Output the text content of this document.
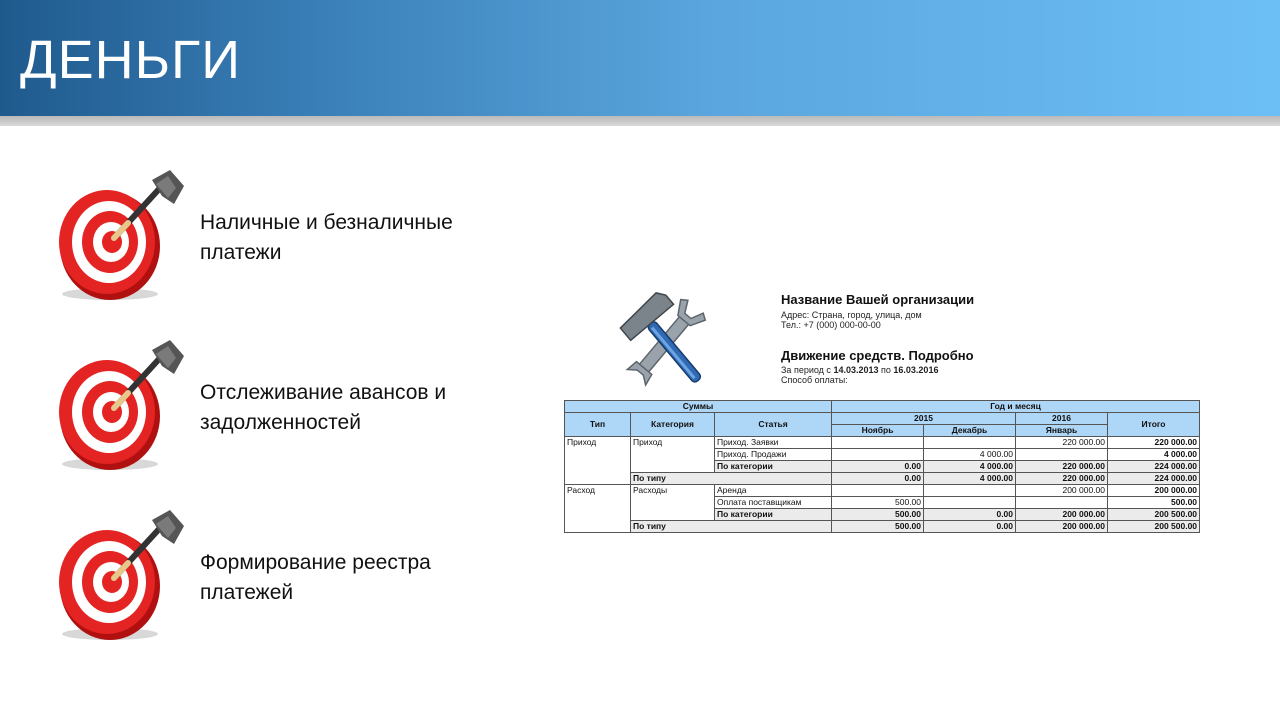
ДЕНЬГИ
Наличные и безналичные платежи
Отслеживание авансов и задолженностей
Формирование реестра платежей
Название Вашей организации
Адрес: Страна, город, улица, дом
Тел.: +7 (000) 000-00-00
Движение средств. Подробно
За период с 14.03.2013 по 16.03.2016
Способ оплаты:
Суммы			Год и месяц			
Тип	Категория	Статья	2015		2016	Итого
			Ноябрь	Декабрь	Январь	
Приход	Приход	Приход. Заявки			220 000.00	220 000.00
		Приход. Продажи		4 000.00		4 000.00
		По категории	0.00	4 000.00	220 000.00	224 000.00
	По типу		0.00	4 000.00	220 000.00	224 000.00
Расход	Расходы	Аренда			200 000.00	200 000.00
		Оплата поставщикам	500.00			500.00
		По категории	500.00	0.00	200 000.00	200 500.00
	По типу		500.00	0.00	200 000.00	200 500.00
